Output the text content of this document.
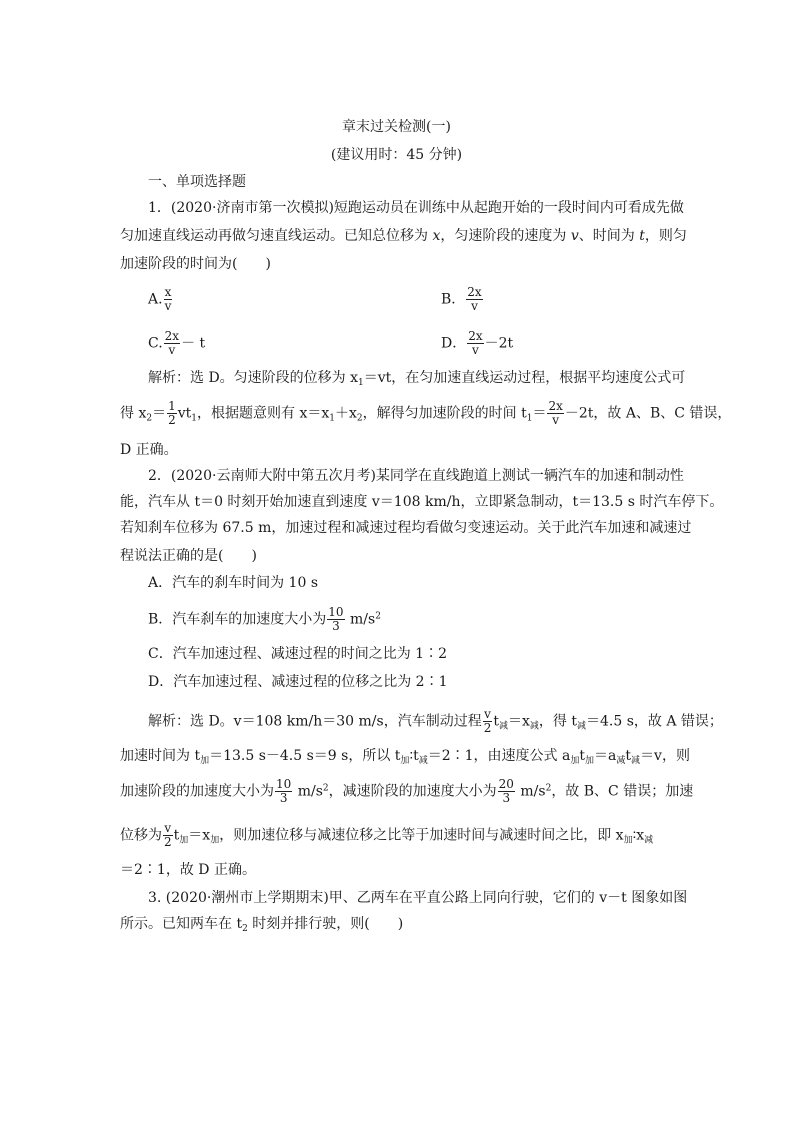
章末过关检测(一)
(建议用时：45 分钟)
一、单项选择题
1．(2020·济南市第一次模拟)短跑运动员在训练中从起跑开始的一段时间内可看成先做
匀加速直线运动再做匀速直线运动。已知总位移为 x，匀速阶段的速度为 v、时间为 t，则匀
加速阶段的时间为(　　)
A. $\frac{x}{v}$	B． $\frac{2x}{v}$
C. $\frac{2x}{v} - t$	D． $\frac{2x}{v} -2t$
解析：选 D。匀速阶段的位移为 $x_1=vt$，在匀加速直线运动过程，根据平均速度公式可
得 $x_2= \frac{1}{2} vt_1$，根据题意则有 $x=x_1+x_2$，解得匀加速阶段的时间 $t_1= \frac{2x}{v} -2t$，故 A、B、C 错误，
D 正确。
2．(2020·云南师大附中第五次月考)某同学在直线跑道上测试一辆汽车的加速和制动性
能，汽车从 t＝0 时刻开始加速直到速度 v＝108 km/h，立即紧急制动，t＝13.5 s 时汽车停下。
若知刹车位移为 67.5 m，加速过程和减速过程均看做匀变速运动。关于此汽车加速和减速过
程说法正确的是(　　)
A．汽车的刹车时间为 10 s
B．汽车刹车的加速度大小为 $\frac{10}{3} m/s^2$
C．汽车加速过程、减速过程的时间之比为 1∶2
D．汽车加速过程、减速过程的位移之比为 2∶1
解析：选 D。v＝108 km/h＝30 m/s，汽车制动过程 $\frac{v}{2} t_减=x_减$，得 $t_减=4.5$ s，故 A 错误；
加速时间为 $t_加=13.5$ s－4.5 s＝9 s，所以 $t_加∶t_减=2∶1$，由速度公式 $a_加t_加=a_减t_减=v$，则
加速阶段的加速度大小为 $\frac{10}{3} m/s^2$，减速阶段的加速度大小为 $\frac{20}{3} m/s^2$，故 B、C 错误；加速
位移为 $\frac{v}{2} t_加=x_加$，则加速位移与减速位移之比等于加速时间与减速时间之比，即 $x_加∶x_减$
＝2∶1，故 D 正确。
3. (2020·潮州市上学期期末)甲、乙两车在平直公路上同向行驶，它们的 v－t 图象如图
所示。已知两车在 $t_2$ 时刻并排行驶，则(　　)
